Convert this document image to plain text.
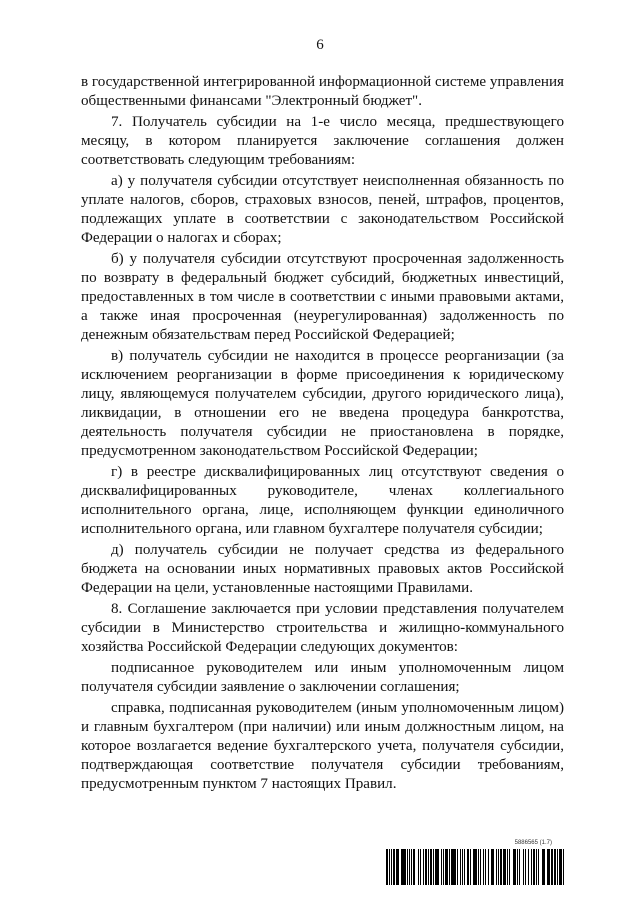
6

в государственной интегрированной информационной системе управления общественными финансами "Электронный бюджет".

7. Получатель субсидии на 1-е число месяца, предшествующего месяцу, в котором планируется заключение соглашения должен соответствовать следующим требованиям:

а) у получателя субсидии отсутствует неисполненная обязанность по уплате налогов, сборов, страховых взносов, пеней, штрафов, процентов, подлежащих уплате в соответствии с законодательством Российской Федерации о налогах и сборах;

б) у получателя субсидии отсутствуют просроченная задолженность по возврату в федеральный бюджет субсидий, бюджетных инвестиций, предоставленных в том числе в соответствии с иными правовыми актами, а также иная просроченная (неурегулированная) задолженность по денежным обязательствам перед Российской Федерацией;

в) получатель субсидии не находится в процессе реорганизации (за исключением реорганизации в форме присоединения к юридическому лицу, являющемуся получателем субсидии, другого юридического лица), ликвидации, в отношении его не введена процедура банкротства, деятельность получателя субсидии не приостановлена в порядке, предусмотренном законодательством Российской Федерации;

г) в реестре дисквалифицированных лиц отсутствуют сведения о дисквалифицированных руководителе, членах коллегиального исполнительного органа, лице, исполняющем функции единоличного исполнительного органа, или главном бухгалтере получателя субсидии;

д) получатель субсидии не получает средства из федерального бюджета на основании иных нормативных правовых актов Российской Федерации на цели, установленные настоящими Правилами.

8. Соглашение заключается при условии представления получателем субсидии в Министерство строительства и жилищно-коммунального хозяйства Российской Федерации следующих документов:

подписанное руководителем или иным уполномоченным лицом получателя субсидии заявление о заключении соглашения;

справка, подписанная руководителем (иным уполномоченным лицом) и главным бухгалтером (при наличии) или иным должностным лицом, на которое возлагается ведение бухгалтерского учета, получателя субсидии, подтверждающая соответствие получателя субсидии требованиям, предусмотренным пунктом 7 настоящих Правил.

5886565 (1.7)
